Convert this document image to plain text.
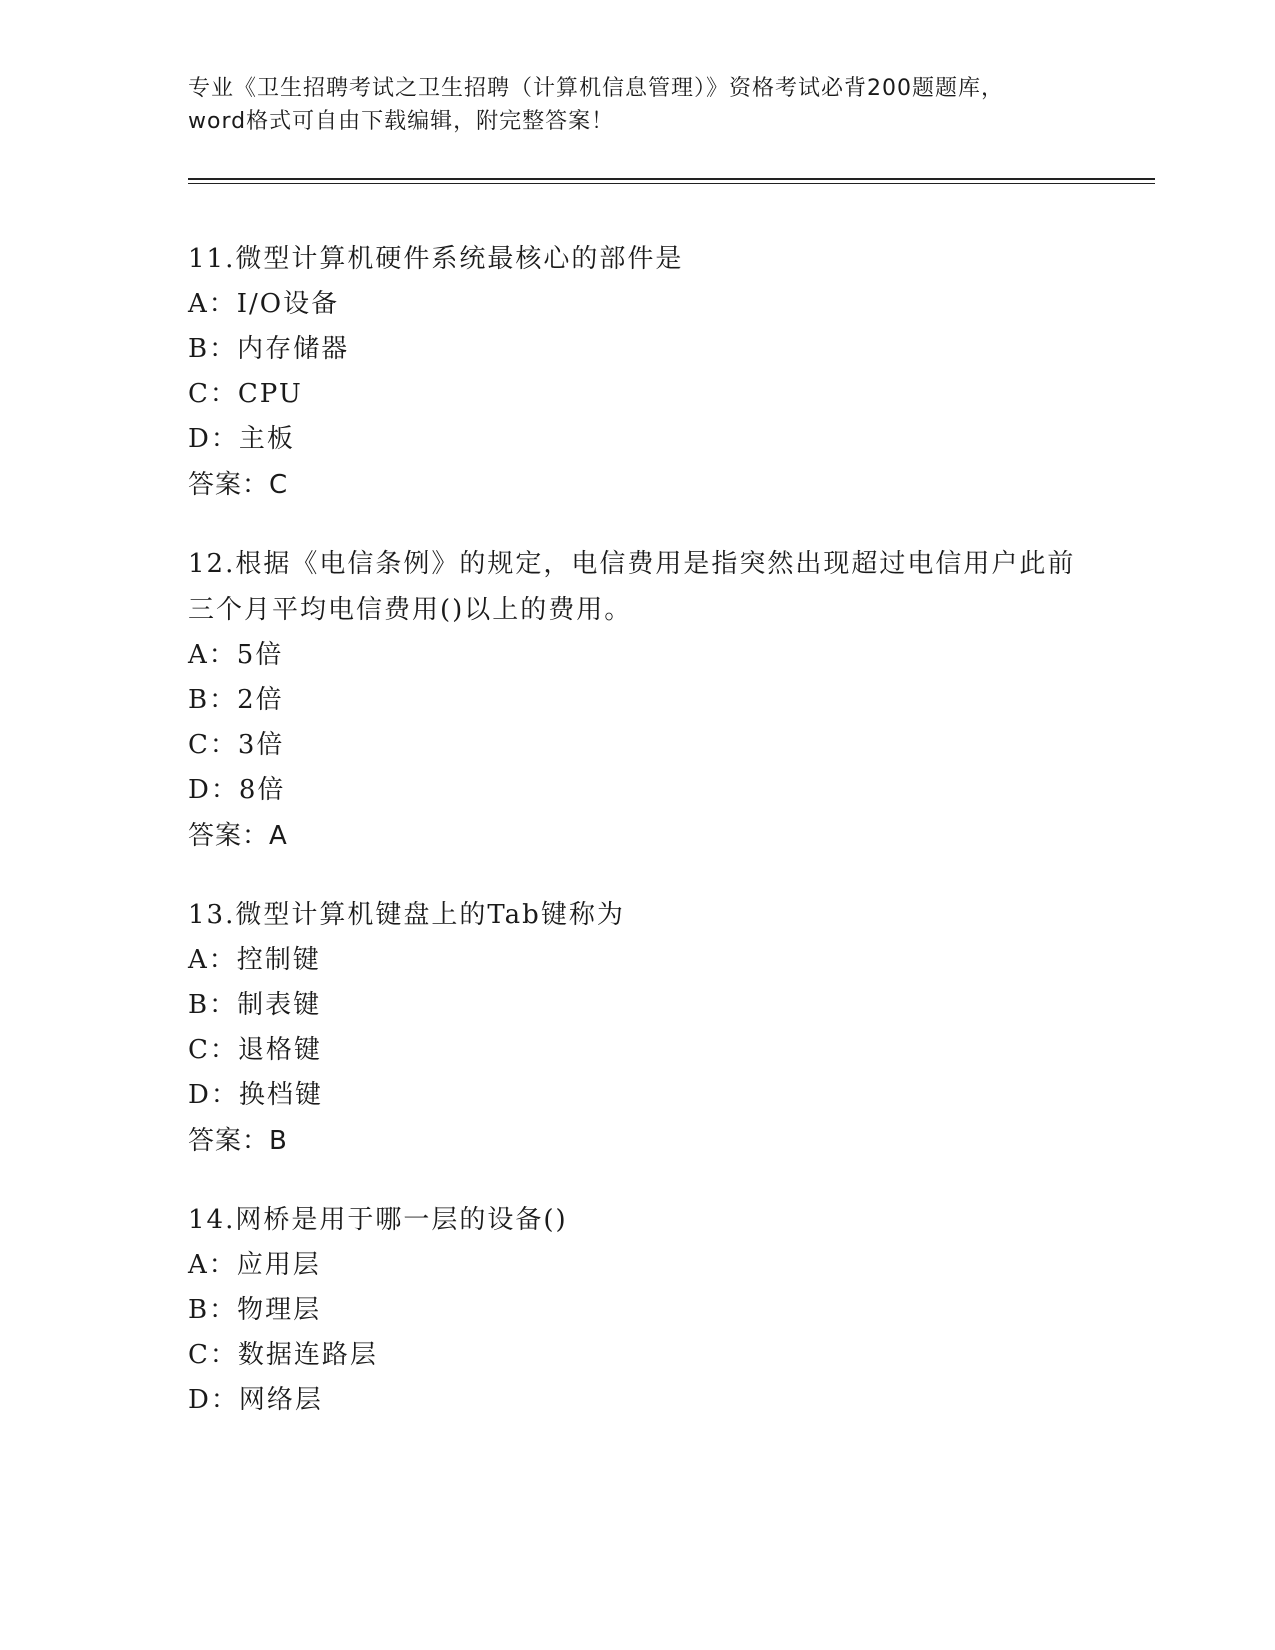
专业《卫生招聘考试之卫生招聘（计算机信息管理）》资格考试必背200题题库，
word格式可自由下载编辑，附完整答案！
11.微型计算机硬件系统最核心的部件是
A：I/O设备
B：内存储器
C：CPU
D：主板
答案：C
12.根据《电信条例》的规定，电信费用是指突然出现超过电信用户此前三个月平均电信费用()以上的费用。
A：5倍
B：2倍
C：3倍
D：8倍
答案：A
13.微型计算机键盘上的Tab键称为
A：控制键
B：制表键
C：退格键
D：换档键
答案：B
14.网桥是用于哪一层的设备()
A：应用层
B：物理层
C：数据连路层
D：网络层
